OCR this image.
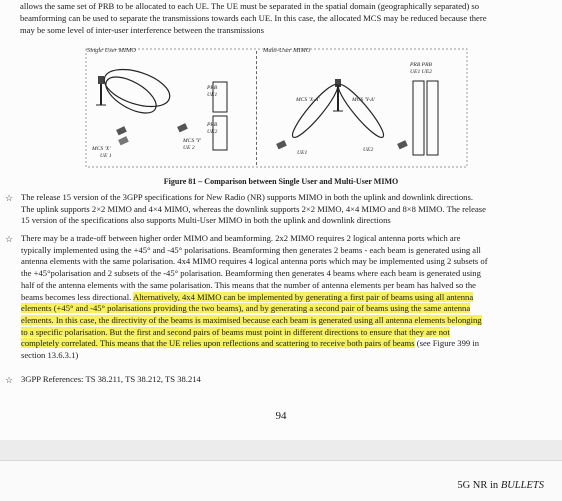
allows the same set of PRB to be allocated to each UE. The UE must be separated in the spatial domain (geographically separated) so
beamforming can be used to separate the transmissions towards each UE. In this case, the allocated MCS may be reduced because there
may be some level of inter-user interference between the transmissions
Single User MIMO	Multi-User MIMO
PRB
UE1
PRB
UE2
MCS 'X'
UE 1
MCS 'Y'
UE 2
MCS 'X-Δ'	MCS 'Y-Δ'
PRB PRB
UE1 UE2
UE1	UE2
Figure 81 – Comparison between Single User and Multi-User MIMO
☆ The release 15 version of the 3GPP specifications for New Radio (NR) supports MIMO in both the uplink and downlink directions.
The uplink supports 2×2 MIMO and 4×4 MIMO, whereas the downlink supports 2×2 MIMO, 4×4 MIMO and 8×8 MIMO. The release
15 version of the specifications also supports Multi-User MIMO in both the uplink and downlink directions
☆ There may be a trade-off between higher order MIMO and beamforming. 2x2 MIMO requires 2 logical antenna ports which are
typically implemented using the +45° and -45° polarisations. Beamforming then generates 2 beams - each beam is generated using all
antenna elements with the same polarisation. 4x4 MIMO requires 4 logical antenna ports which may be implemented using 2 subsets of
the +45°polarisation and 2 subsets of the -45° polarisation. Beamforming then generates 4 beams where each beam is generated using
half of the antenna elements with the same polarisation. This means that the number of antenna elements per beam has halved so the
beams becomes less directional. Alternatively, 4x4 MIMO can be implemented by generating a first pair of beams using all antenna
elements (+45° and -45° polarisations providing the two beams), and by generating a second pair of beams using the same antenna
elements. In this case, the directivity of the beams is maximised because each beam is generated using all antenna elements belonging
to a specific polarisation. But the first and second pairs of beams must point in different directions to ensure that they are not
completely correlated. This means that the UE relies upon reflections and scattering to receive both pairs of beams (see Figure 399 in
section 13.6.3.1)
☆ 3GPP References: TS 38.211, TS 38.212, TS 38.214
94
5G NR in BULLETS
